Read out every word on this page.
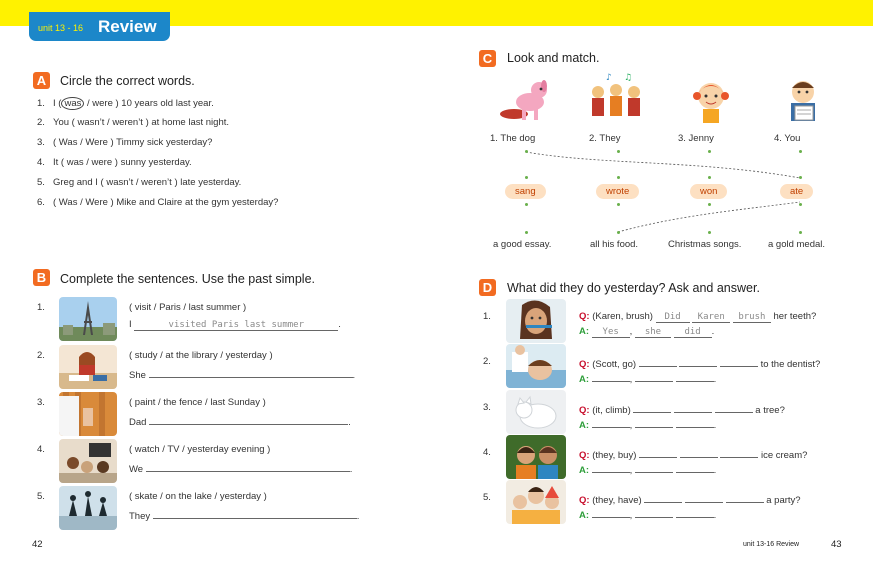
unit 13 - 16 Review
A	Circle the correct words.
1. I ( was / were ) 10 years old last year.
2. You ( wasn’t / weren’t ) at home last night.
3. ( Was / Were ) Timmy sick yesterday?
4. It ( was / were ) sunny yesterday.
5. Greg and I ( wasn’t / weren’t ) late yesterday.
6. ( Was / Were ) Mike and Claire at the gym yesterday?
B	Complete the sentences. Use the past simple.
1.	( visit / Paris / last summer )
I	visited Paris last summer	.
2.	( study / at the library / yesterday )
She	.
3.	( paint / the fence / last Sunday )
Dad	.
4.	( watch / TV / yesterday evening )
We	.
5.	( skate / on the lake / yesterday )
They	.
C	Look and match.
♪ ♫
1. The dog	2. They	3. Jenny	4. You
sang	wrote	won	ate
a good essay.	all his food.	Christmas songs.	a gold medal.
D	What did they do yesterday? Ask and answer.
1.	Q: (Karen, brush) Did Karen brush her teeth?
A: Yes , she	did .
2.	Q: (Scott, go)	to the dentist?
A:	,	.
3.	Q: (it, climb)	a tree?
A:	,	.
4.	Q: (they, buy)	ice cream?
A:	,	.
5.	Q: (they, have)	a party?
A:	,	.
42	unit 13-16 Review	43
